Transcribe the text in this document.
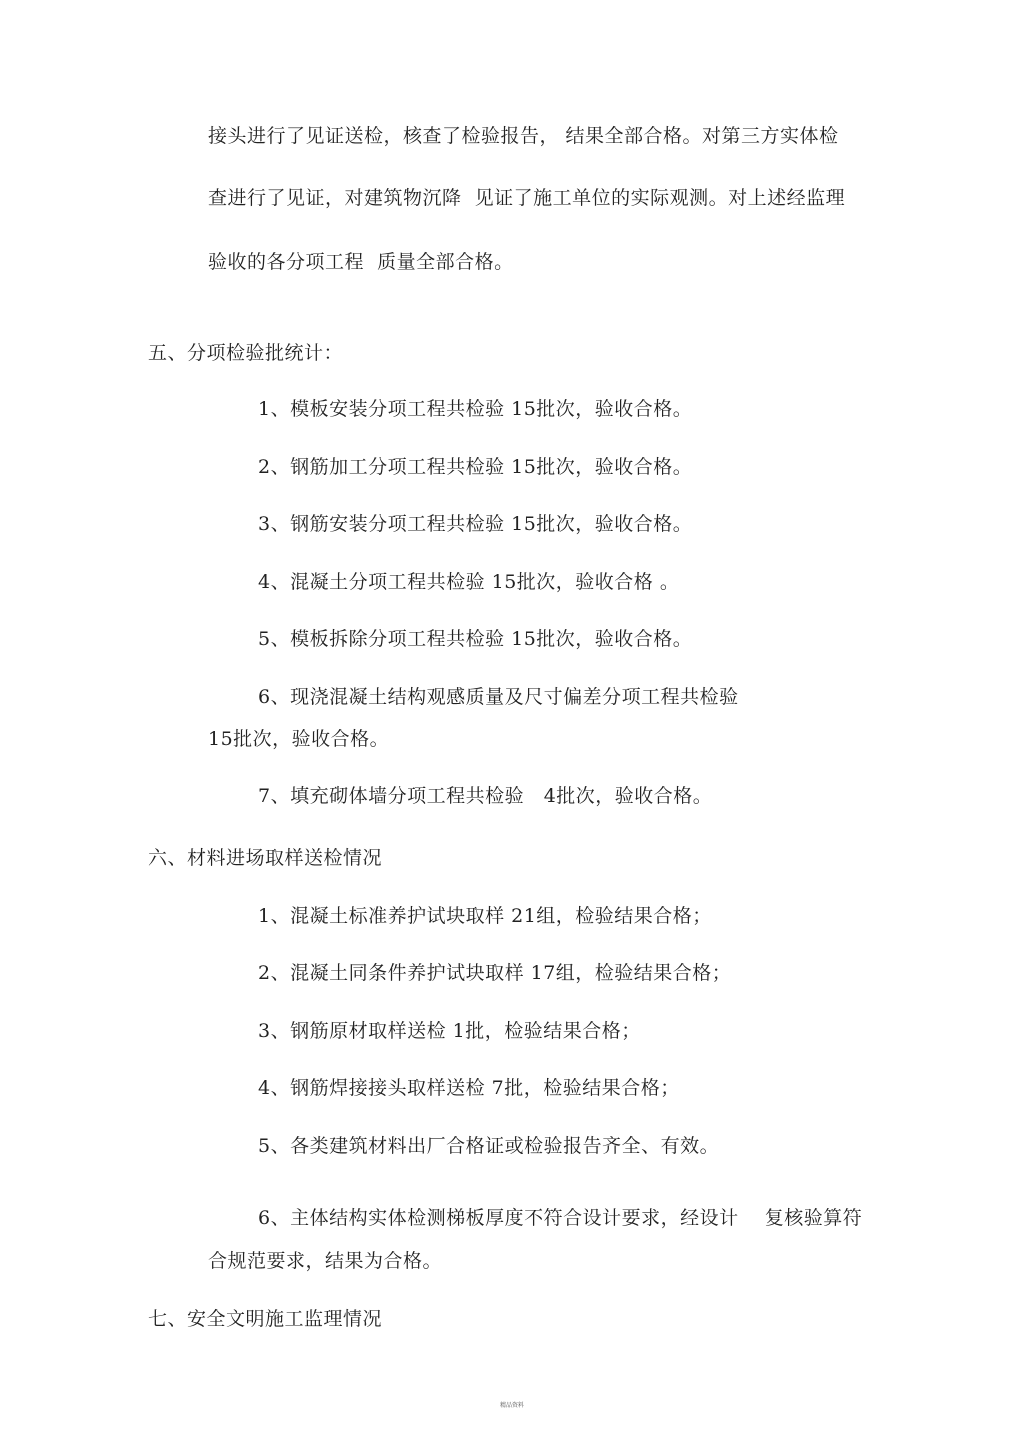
接头进行了见证送检，核查了检验报告， 结果全部合格。对第三方实体检
查进行了见证，对建筑物沉降  见证了施工单位的实际观测。对上述经监理
验收的各分项工程  质量全部合格。
五、分项检验批统计：
1、模板安装分项工程共检验 15批次，验收合格。
2、钢筋加工分项工程共检验 15批次，验收合格。
3、钢筋安装分项工程共检验 15批次，验收合格。
4、混凝土分项工程共检验 15批次，验收合格 。
5、模板拆除分项工程共检验 15批次，验收合格。
6、现浇混凝土结构观感质量及尺寸偏差分项工程共检验
15批次，验收合格。
7、填充砌体墙分项工程共检验   4批次，验收合格。
六、材料进场取样送检情况
1、混凝土标准养护试块取样 21组，检验结果合格；
2、混凝土同条件养护试块取样 17组，检验结果合格；
3、钢筋原材取样送检 1批，检验结果合格；
4、钢筋焊接接头取样送检 7批，检验结果合格；
5、各类建筑材料出厂合格证或检验报告齐全、有效。
6、主体结构实体检测梯板厚度不符合设计要求，经设计    复核验算符
合规范要求，结果为合格。
七、安全文明施工监理情况
精品资料
